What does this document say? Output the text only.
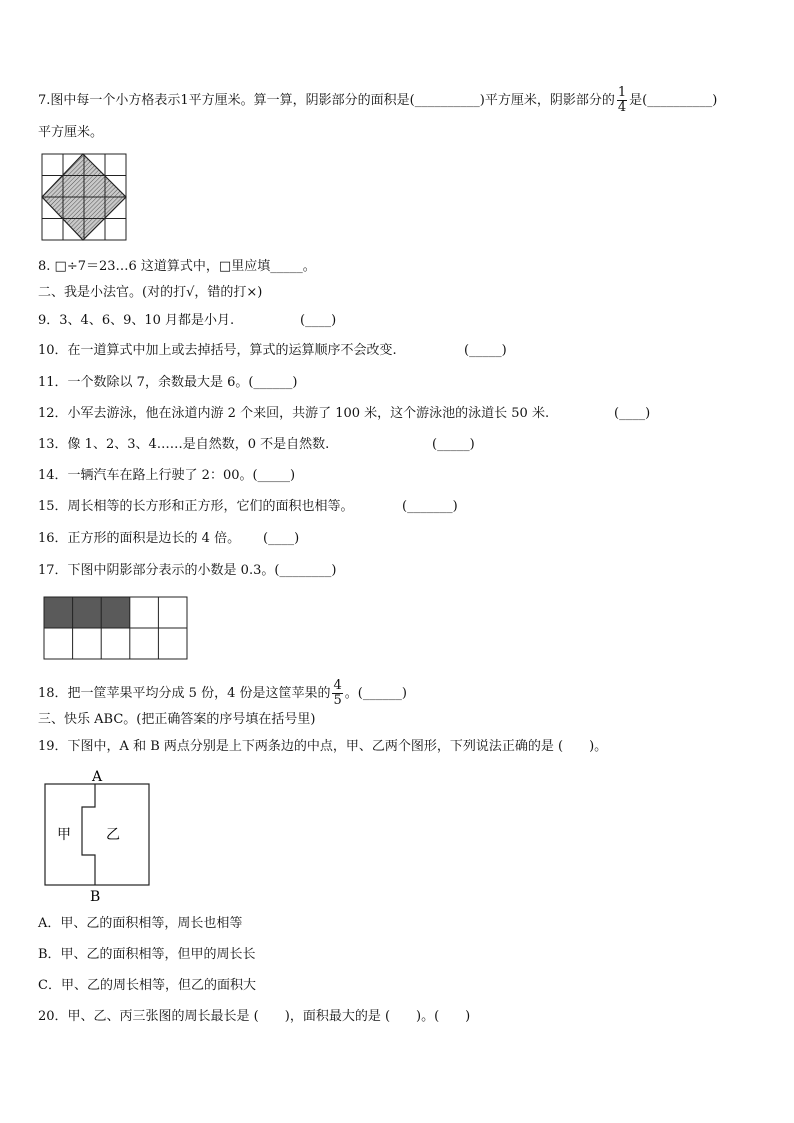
7.图中每一个小方格表示1平方厘米。算一算，阴影部分的面积是(__________)平方厘米，阴影部分的 $\frac{1}{4}$ 是(__________)
平方厘米。
8. □÷7＝23…6 这道算式中，□里应填_____。
二、我是小法官。(对的打√，错的打×)
9．3、4、6、9、10 月都是小月.	(____)
10．在一道算式中加上或去掉括号，算式的运算顺序不会改变.	(_____)
11．一个数除以 7，余数最大是 6。(______)
12．小军去游泳，他在泳道内游 2 个来回，共游了 100 米，这个游泳池的泳道长 50 米.	(____)
13．像 1、2、3、4……是自然数，0 不是自然数.	(_____)
14．一辆汽车在路上行驶了 2：00。(_____)
15．周长相等的长方形和正方形，它们的面积也相等。	(_______)
16．正方形的面积是边长的 4 倍。 (____)
17．下图中阴影部分表示的小数是 0.3。(________)
18．把一筐苹果平均分成 5 份，4 份是这筐苹果的 $\frac{4}{5}$ 。(______)
三、快乐 ABC。(把正确答案的序号填在括号里)
19．下图中，A 和 B 两点分别是上下两条边的中点，甲、乙两个图形，下列说法正确的是 (　　)。
A
B
甲	乙
A．甲、乙的面积相等，周长也相等
B．甲、乙的面积相等，但甲的周长长
C．甲、乙的周长相等，但乙的面积大
20．甲、乙、丙三张图的周长最长是 (　　)，面积最大的是 (　　)。(　　)
